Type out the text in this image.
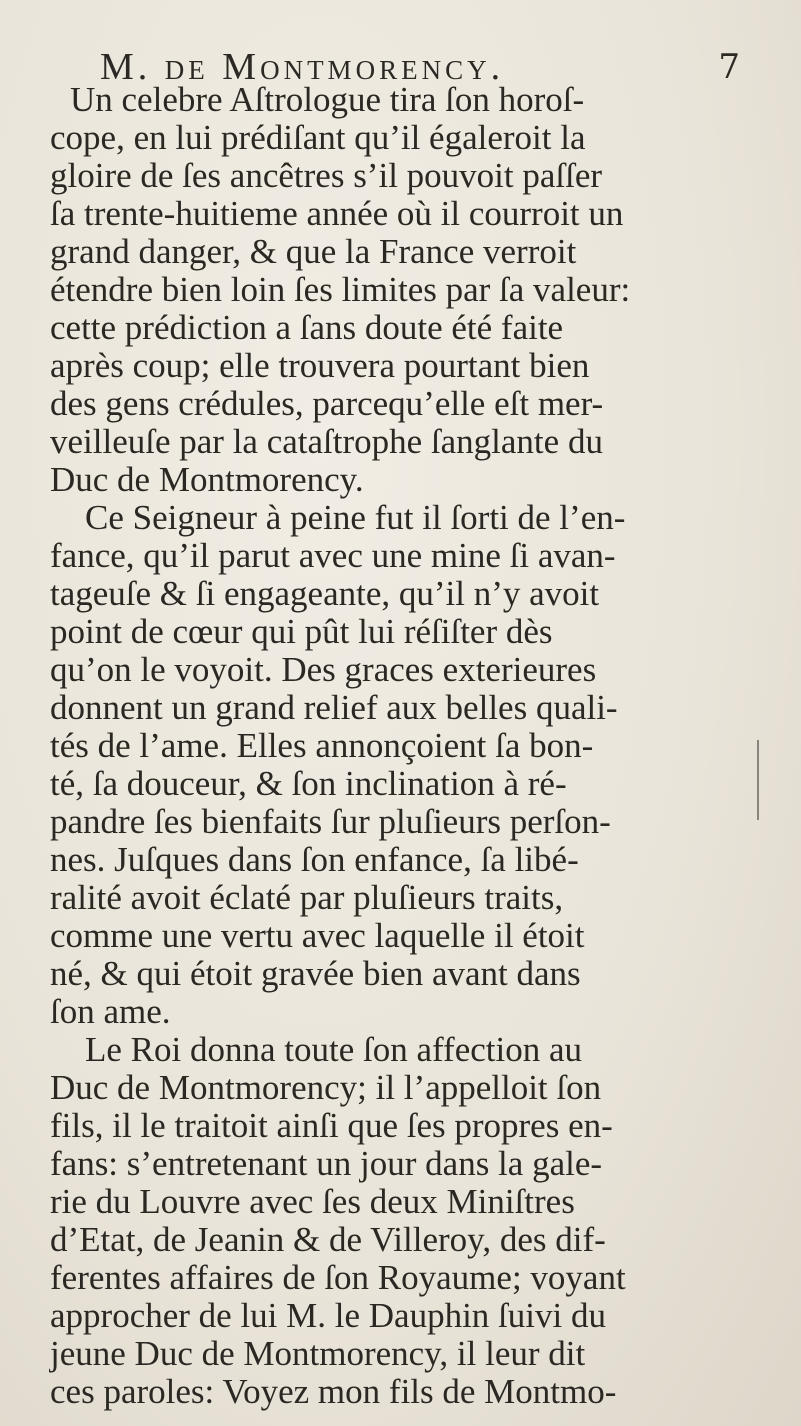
M. de Montmorency.	7
Un celebre Aſtrologue tira ſon horoſ-
cope, en lui prédiſant qu’il égaleroit la
gloire de ſes ancêtres s’il pouvoit paſſer
ſa trente-huitieme année où il courroit un
grand danger, & que la France verroit
étendre bien loin ſes limites par ſa valeur:
cette prédiction a ſans doute été faite
après coup; elle trouvera pourtant bien
des gens crédules, parcequ’elle eſt mer-
veilleuſe par la cataſtrophe ſanglante du
Duc de Montmorency.
Ce Seigneur à peine fut il ſorti de l’en-
fance, qu’il parut avec une mine ſi avan-
tageuſe & ſi engageante, qu’il n’y avoit
point de cœur qui pût lui réſiſter dès
qu’on le voyoit. Des graces exterieures
donnent un grand relief aux belles quali-
tés de l’ame. Elles annonçoient ſa bon-
té, ſa douceur, & ſon inclination à ré-
pandre ſes bienfaits ſur pluſieurs perſon-
nes. Juſques dans ſon enfance, ſa libé-
ralité avoit éclaté par pluſieurs traits,
comme une vertu avec laquelle il étoit
né, & qui étoit gravée bien avant dans
ſon ame.
Le Roi donna toute ſon affection au
Duc de Montmorency; il l’appelloit ſon
fils, il le traitoit ainſi que ſes propres en-
fans: s’entretenant un jour dans la gale-
rie du Louvre avec ſes deux Miniſtres
d’Etat, de Jeanin & de Villeroy, des dif-
ferentes affaires de ſon Royaume; voyant
approcher de lui M. le Dauphin ſuivi du
jeune Duc de Montmorency, il leur dit
ces paroles: Voyez mon fils de Montmo-
